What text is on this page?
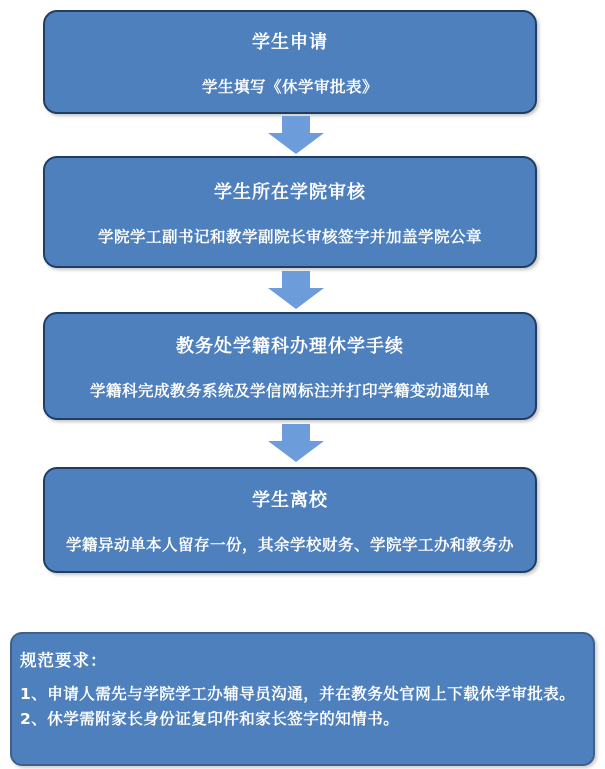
学生申请
学生填写《休学审批表》
学生所在学院审核
学院学工副书记和教学副院长审核签字并加盖学院公章
教务处学籍科办理休学手续
学籍科完成教务系统及学信网标注并打印学籍变动通知单
学生离校
学籍异动单本人留存一份，其余学校财务、学院学工办和教务办
规范要求：
1、申请人需先与学院学工办辅导员沟通，并在教务处官网上下载休学审批表。
2、休学需附家长身份证复印件和家长签字的知情书。
